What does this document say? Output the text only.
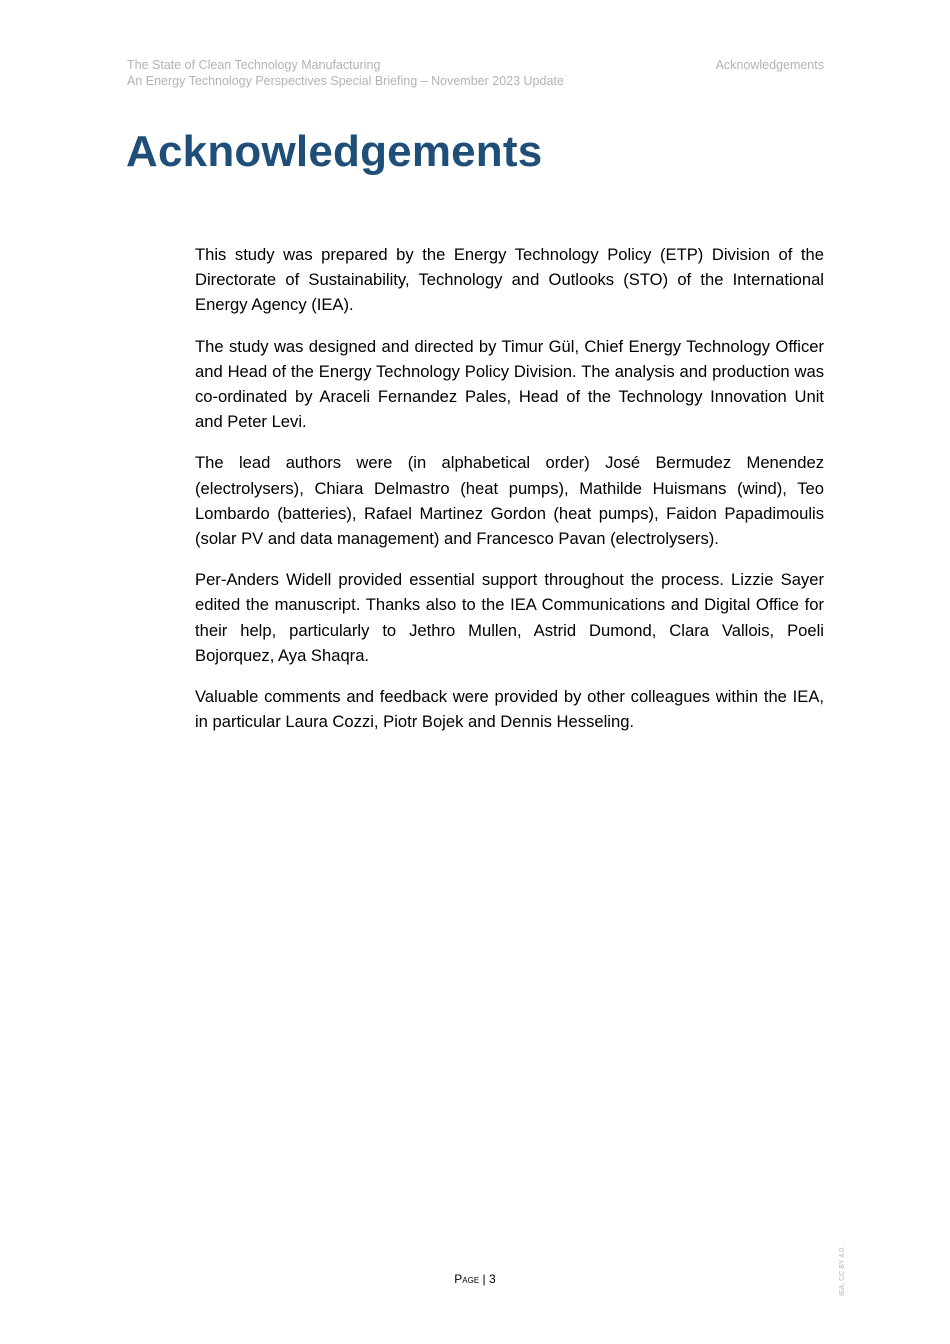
The State of Clean Technology Manufacturing
An Energy Technology Perspectives Special Briefing – November 2023 Update
Acknowledgements
Acknowledgements

This study was prepared by the Energy Technology Policy (ETP) Division of the Directorate of Sustainability, Technology and Outlooks (STO) of the International Energy Agency (IEA).

The study was designed and directed by Timur Gül, Chief Energy Technology Officer and Head of the Energy Technology Policy Division. The analysis and production was co-ordinated by Araceli Fernandez Pales, Head of the Technology Innovation Unit and Peter Levi.

The lead authors were (in alphabetical order) José Bermudez Menendez (electrolysers), Chiara Delmastro (heat pumps), Mathilde Huismans (wind), Teo Lombardo (batteries), Rafael Martinez Gordon (heat pumps), Faidon Papadimoulis (solar PV and data management) and Francesco Pavan (electrolysers).

Per-Anders Widell provided essential support throughout the process. Lizzie Sayer edited the manuscript. Thanks also to the IEA Communications and Digital Office for their help, particularly to Jethro Mullen, Astrid Dumond, Clara Vallois, Poeli Bojorquez, Aya Shaqra.

Valuable comments and feedback were provided by other colleagues within the IEA, in particular Laura Cozzi, Piotr Bojek and Dennis Hesseling.

Page | 3	IEA. CC BY 4.0.
